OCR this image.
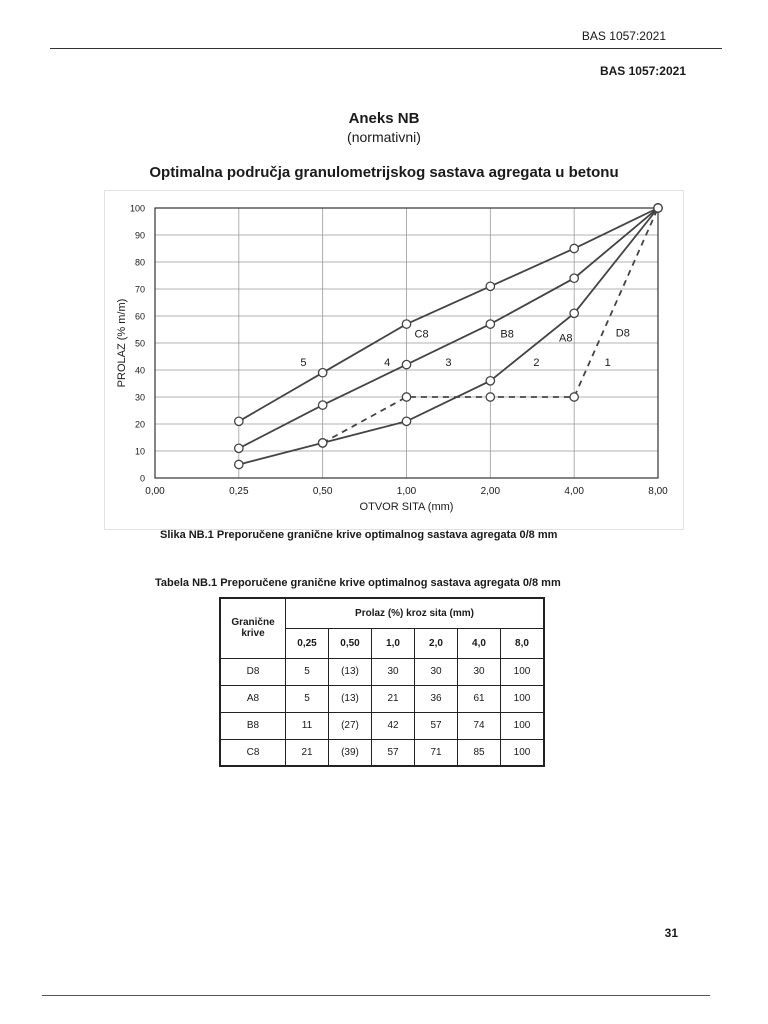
BAS 1057:2021
BAS 1057:2021
Aneks NB
(normativni)
Optimalna područja granulometrijskog sastava agregata u betonu
0
10
20
30
40
50
60
70
80
90
100
0,00	0,25	0,50	1,00	2,00	4,00	8,00
OTVOR SITA (mm)
PROLAZ (% m/m)	C8	B8	A8	D8
5	4	3	2	1
Slika NB.1 Preporučene granične krive optimalnog sastava agregata 0/8 mm
Tabela NB.1 Preporučene granične krive optimalnog sastava agregata 0/8 mm
Granične krive	Prolaz (%) kroz sita (mm)					
	0,25	0,50	1,0	2,0	4,0	8,0
D8	5	(13)	30	30	30	100
A8	5	(13)	21	36	61	100
B8	11	(27)	42	57	74	100
C8	21	(39)	57	71	85	100
31
